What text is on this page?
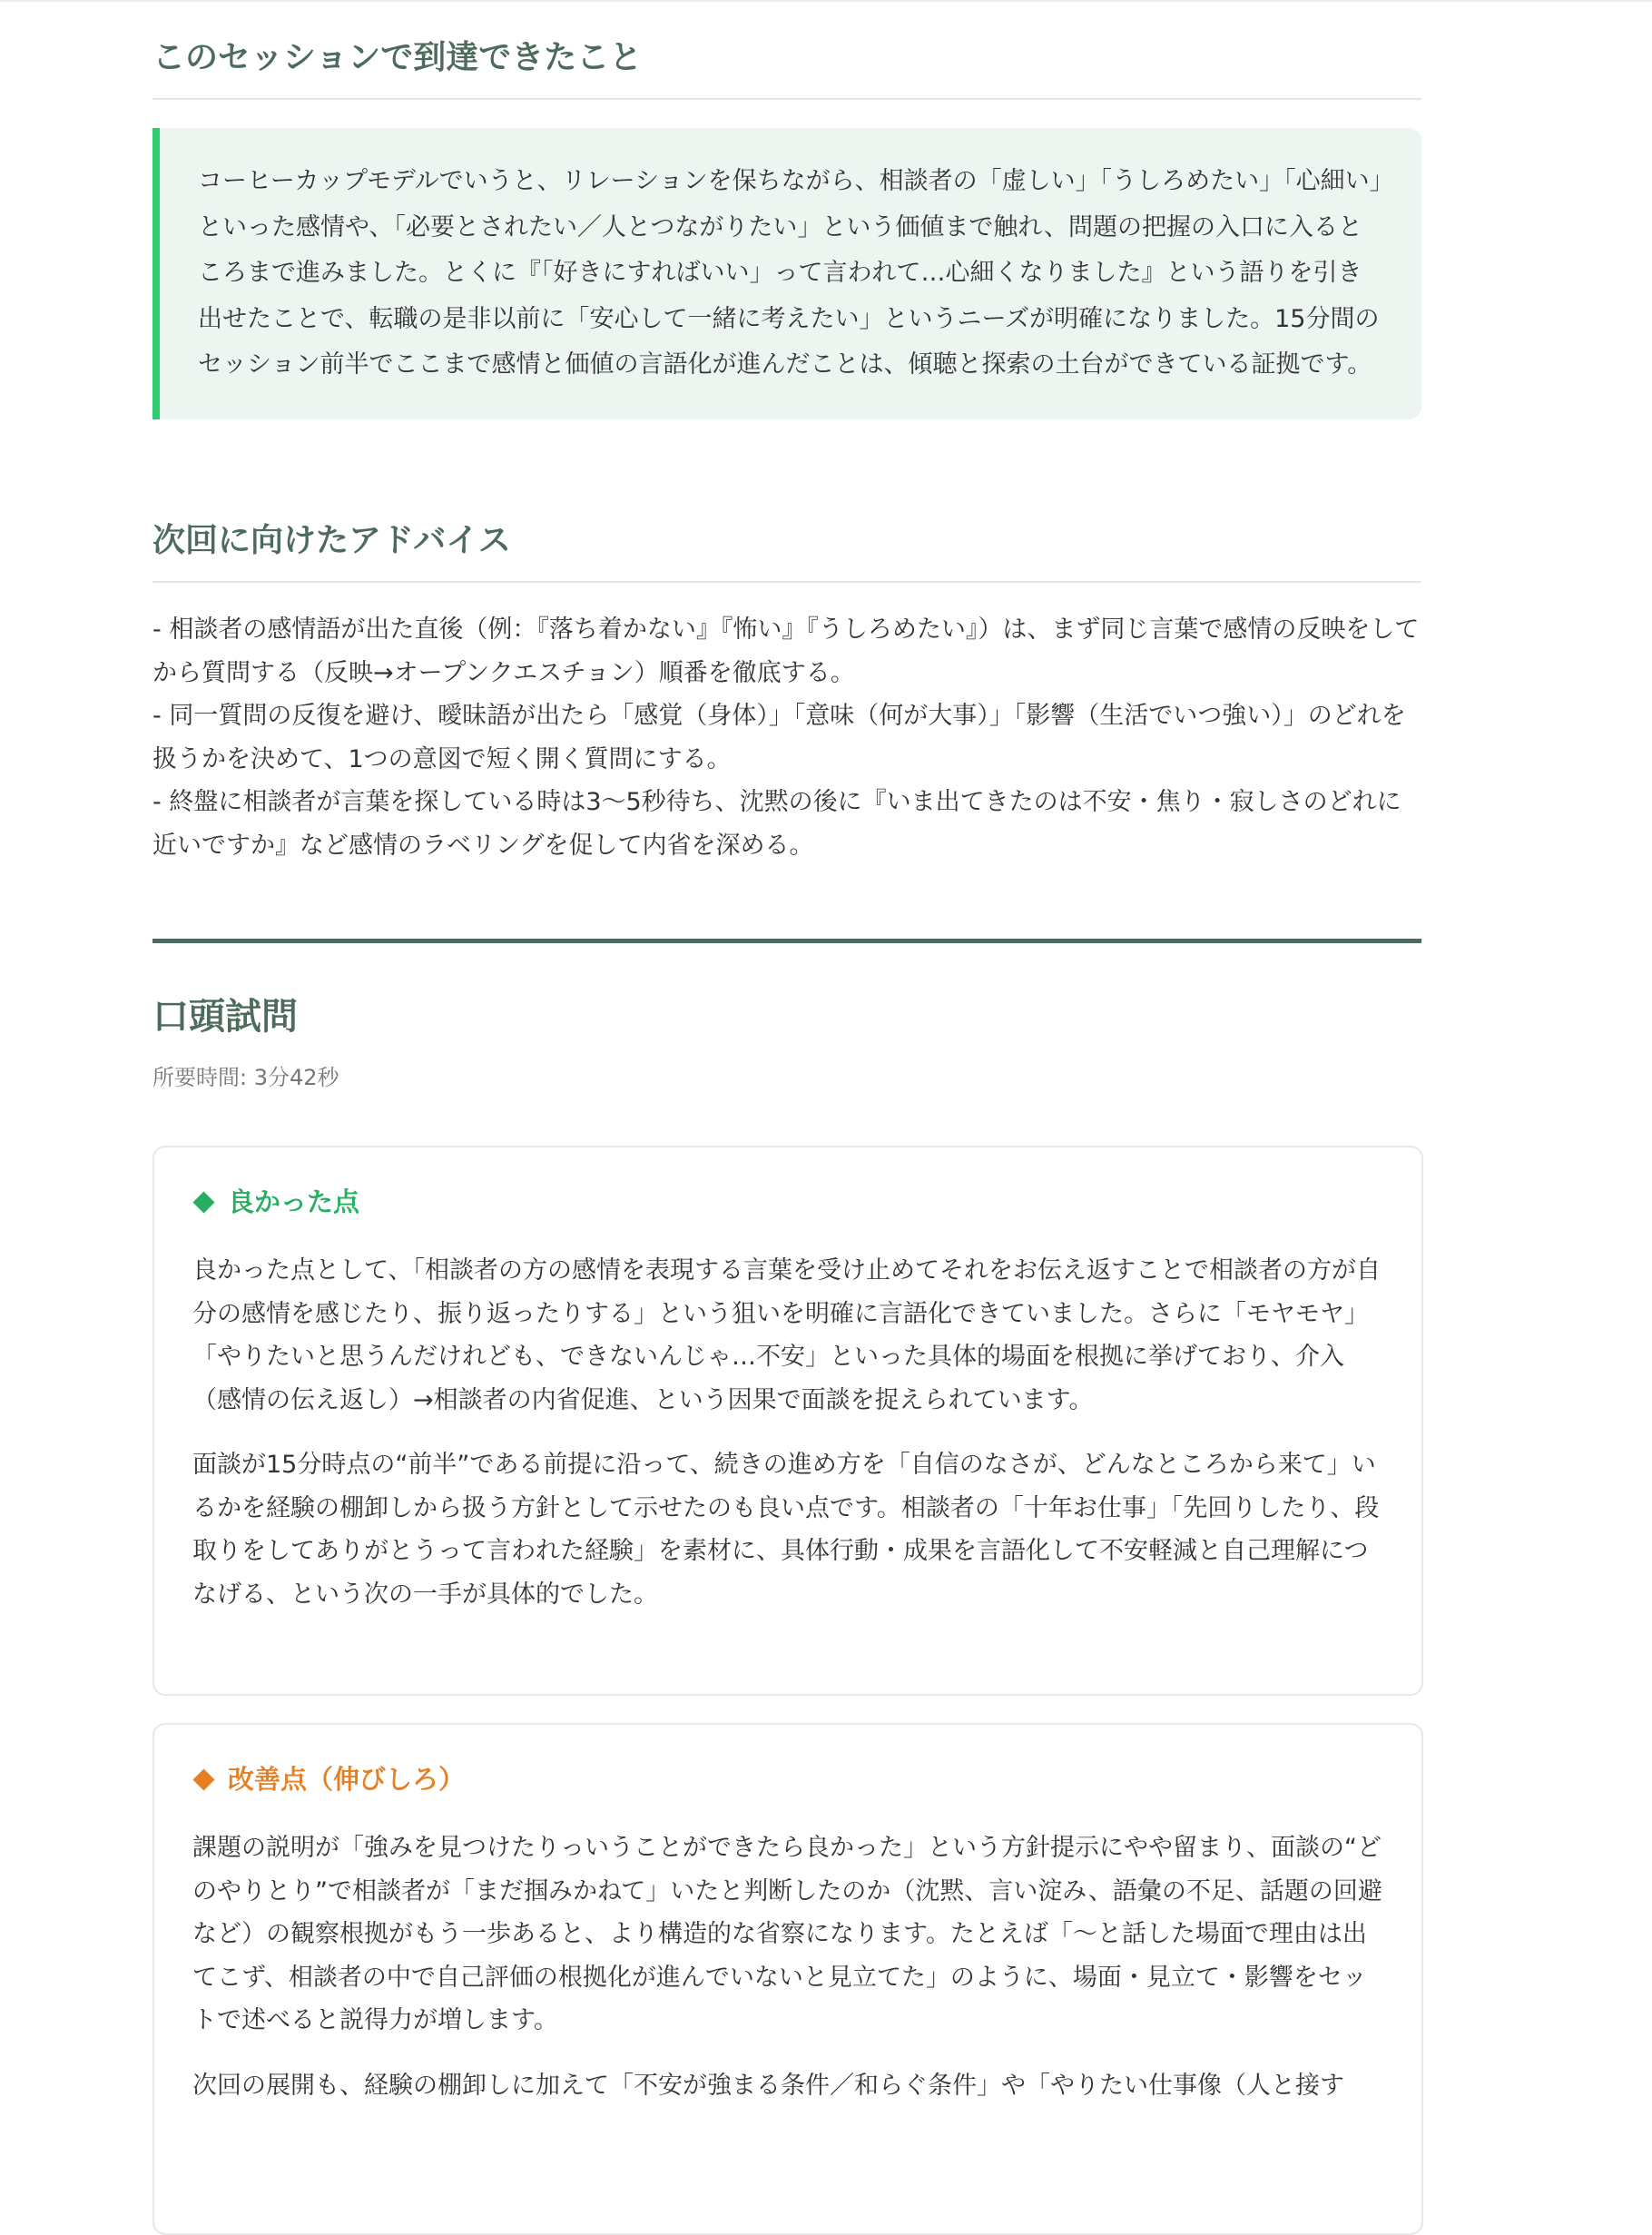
このセッションで到達できたこと
コーヒーカップモデルでいうと、リレーションを保ちながら、相談者の「虚しい」「うしろめたい」「心細い」といった感情や、「必要とされたい／人とつながりたい」という価値まで触れ、問題の把握の入口に入るところまで進みました。とくに『「好きにすればいい」って言われて…心細くなりました』という語りを引き出せたことで、転職の是非以前に「安心して一緒に考えたい」というニーズが明確になりました。15分間のセッション前半でここまで感情と価値の言語化が進んだことは、傾聴と探索の土台ができている証拠です。
次回に向けたアドバイス
- 相談者の感情語が出た直後（例：『落ち着かない』『怖い』『うしろめたい』）は、まず同じ言葉で感情の反映をしてから質問する（反映→オープンクエスチョン）順番を徹底する。
- 同一質問の反復を避け、曖昧語が出たら「感覚（身体）」「意味（何が大事）」「影響（生活でいつ強い）」のどれを扱うかを決めて、1つの意図で短く開く質問にする。
- 終盤に相談者が言葉を探している時は3〜5秒待ち、沈黙の後に『いま出てきたのは不安・焦り・寂しさのどれに近いですか』など感情のラベリングを促して内省を深める。
口頭試問
所要時間: 3分42秒
良かった点

良かった点として、「相談者の方の感情を表現する言葉を受け止めてそれをお伝え返すことで相談者の方が自分の感情を感じたり、振り返ったりする」という狙いを明確に言語化できていました。さらに「モヤモヤ」「やりたいと思うんだけれども、できないんじゃ…不安」といった具体的場面を根拠に挙げており、介入（感情の伝え返し）→相談者の内省促進、という因果で面談を捉えられています。

面談が15分時点の“前半”である前提に沿って、続きの進め方を「自信のなさが、どんなところから来て」いるかを経験の棚卸しから扱う方針として示せたのも良い点です。相談者の「十年お仕事」「先回りしたり、段取りをしてありがとうって言われた経験」を素材に、具体行動・成果を言語化して不安軽減と自己理解につなげる、という次の一手が具体的でした。

改善点（伸びしろ）

課題の説明が「強みを見つけたりっいうことができたら良かった」という方針提示にやや留まり、面談の“どのやりとり”で相談者が「まだ掴みかねて」いたと判断したのか（沈黙、言い淀み、語彙の不足、話題の回避など）の観察根拠がもう一歩あると、より構造的な省察になります。たとえば「〜と話した場面で理由は出てこず、相談者の中で自己評価の根拠化が進んでいないと見立てた」のように、場面・見立て・影響をセットで述べると説得力が増します。

次回の展開も、経験の棚卸しに加えて「不安が強まる条件／和らぐ条件」や「やりたい仕事像（人と接す
